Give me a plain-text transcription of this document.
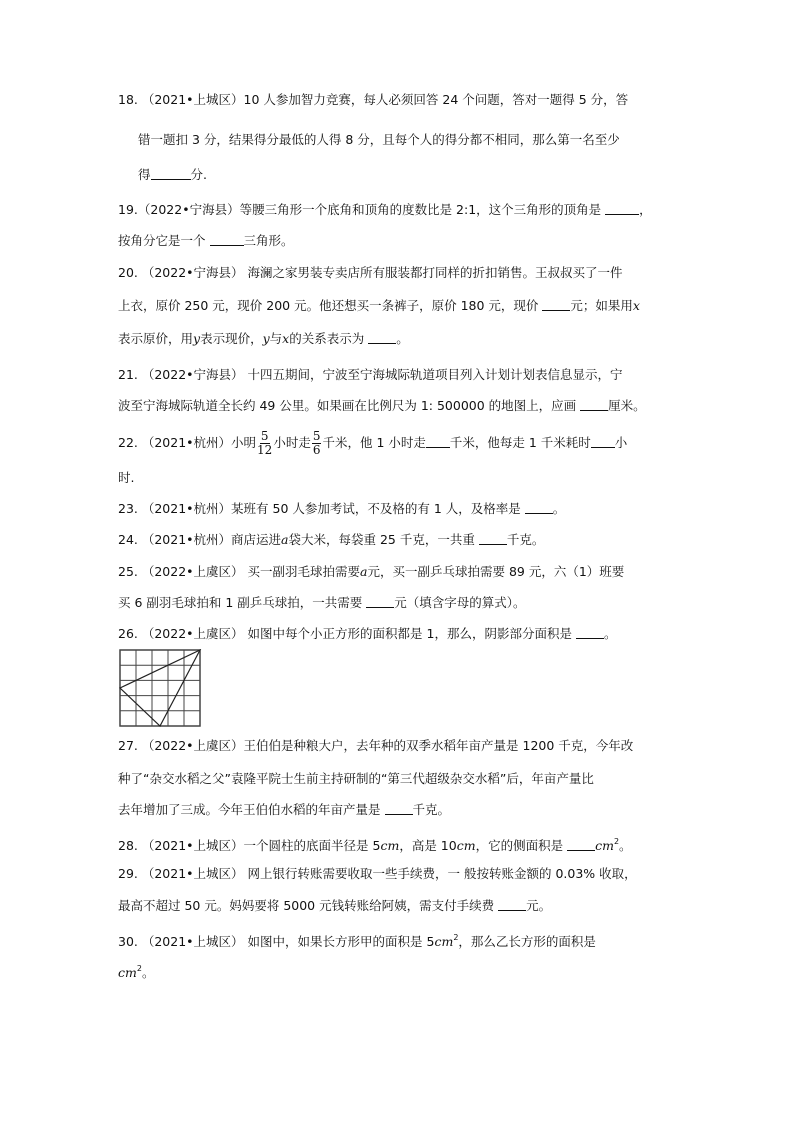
18. （2021•上城区）10 人参加智力竞赛，每人必须回答 24 个问题，答对一题得 5 分，答
错一题扣 3 分，结果得分最低的人得 8 分，且每个人的得分都不相同，那么第一名至少
得	分.
19.（2022•宁海县）等腰三角形一个底角和顶角的度数比是 2:1，这个三角形的顶角是	，
按角分它是一个	三角形。
20. （2022•宁海县） 海澜之家男装专卖店所有服装都打同样的折扣销售。王叔叔买了一件
上衣，原价 250 元，现价 200 元。他还想买一条裤子，原价 180 元，现价	元；如果用x
表示原价，用y表示现价，y与x的关系表示为	。
21. （2022•宁海县） 十四五期间，宁波至宁海城际轨道项目列入计划计划表信息显示，宁
波至宁海城际轨道全长约 49 公里。如果画在比例尺为 1: 500000 的地图上，应画	厘米。
22. （2021•杭州）小明 $\frac{5}{12}$ 小时走 $\frac{5}{6}$ 千米，他 1 小时走 千米，他每走 1 千米耗时 小
时.
23. （2021•杭州）某班有 50 人参加考试，不及格的有 1 人，及格率是	。
24. （2021•杭州）商店运进a袋大米，每袋重 25 千克，一共重	千克。
25. （2022•上虞区） 买一副羽毛球拍需要a元，买一副乒乓球拍需要 89 元，六（1）班要
买 6 副羽毛球拍和 1 副乒乓球拍，一共需要	元（填含字母的算式）。
26. （2022•上虞区） 如图中每个小正方形的面积都是 1，那么，阴影部分面积是	。
27. （2022•上虞区）王伯伯是种粮大户，去年种的双季水稻年亩产量是 1200 千克，今年改
种了“杂交水稻之父”袁隆平院士生前主持研制的“第三代超级杂交水稻”后，年亩产量比
去年增加了三成。今年王伯伯水稻的年亩产量是	千克。
28. （2021•上城区）一个圆柱的底面半径是 5cm，高是 10cm，它的侧面积是	$cm^2$。
29. （2021•上城区） 网上银行转账需要收取一些手续费，一 般按转账金额的 0.03% 收取，
最高不超过 50 元。妈妈要将 5000 元钱转账给阿姨，需支付手续费	元。
30. （2021•上城区） 如图中，如果长方形甲的面积是 $5cm^2$，那么乙长方形的面积是
$cm^2$。
